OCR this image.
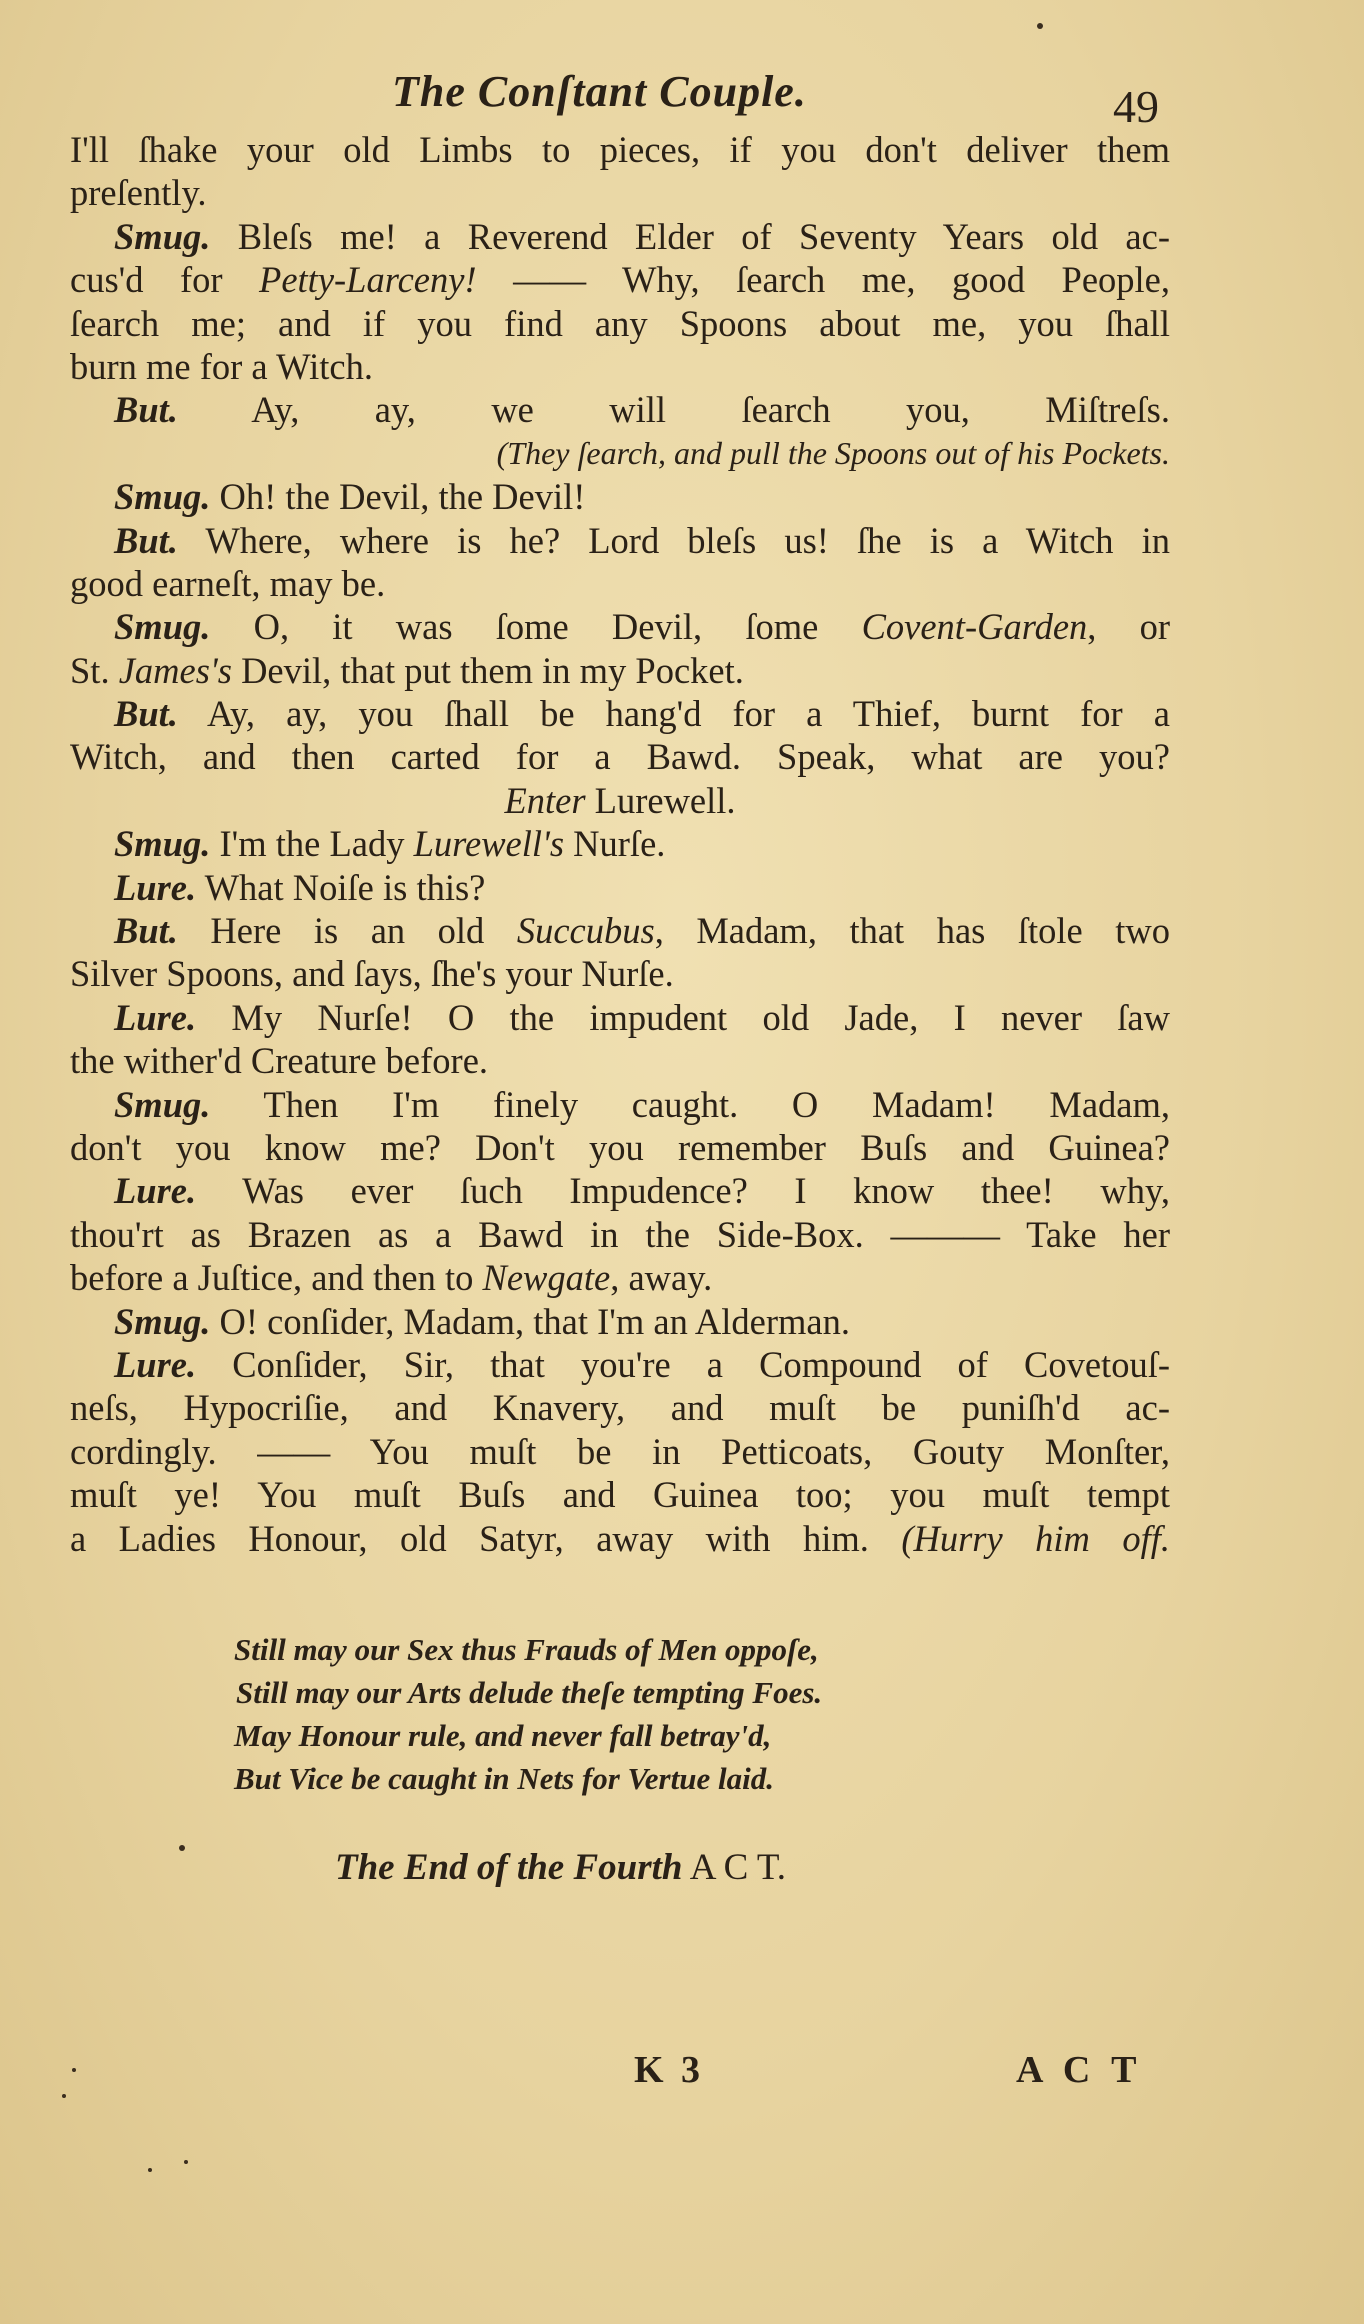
The Conſtant Couple.	49
I'll ſhake your old Limbs to pieces, if you don't deliver them
preſently.
Smug. Bleſs me! a Reverend Elder of Seventy Years old ac-
cus'd for Petty-Larceny! —— Why, ſearch me, good People,
ſearch me; and if you find any Spoons about me, you ſhall
burn me for a Witch.
But. Ay, ay, we will ſearch you, Miſtreſs.
(They ſearch, and pull the Spoons out of his Pockets.
Smug. Oh! the Devil, the Devil!
But. Where, where is he? Lord bleſs us! ſhe is a Witch in
good earneſt, may be.
Smug. O, it was ſome Devil, ſome Covent-Garden, or
St. James's Devil, that put them in my Pocket.
But. Ay, ay, you ſhall be hang'd for a Thief, burnt for a
Witch, and then carted for a Bawd. Speak, what are you?
Enter Lurewell.
Smug. I'm the Lady Lurewell's Nurſe.
Lure. What Noiſe is this?
But. Here is an old Succubus, Madam, that has ſtole two
Silver Spoons, and ſays, ſhe's your Nurſe.
Lure. My Nurſe! O the impudent old Jade, I never ſaw
the wither'd Creature before.
Smug. Then I'm finely caught. O Madam! Madam,
don't you know me? Don't you remember Buſs and Guinea?
Lure. Was ever ſuch Impudence? I know thee! why,
thou'rt as Brazen as a Bawd in the Side-Box. ——— Take her
before a Juſtice, and then to Newgate, away.
Smug. O! conſider, Madam, that I'm an Alderman.
Lure. Conſider, Sir, that you're a Compound of Covetouſ-
neſs, Hypocriſie, and Knavery, and muſt be puniſh'd ac-
cordingly. —— You muſt be in Petticoats, Gouty Monſter,
muſt ye! You muſt Buſs and Guinea too; you muſt tempt
a Ladies Honour, old Satyr, away with him. (Hurry him off.
Still may our Sex thus Frauds of Men oppoſe,
Still may our Arts delude theſe tempting Foes.
May Honour rule, and never fall betray'd,
But Vice be caught in Nets for Vertue laid.
The End of the Fourth A C T.
K 3	A C T
